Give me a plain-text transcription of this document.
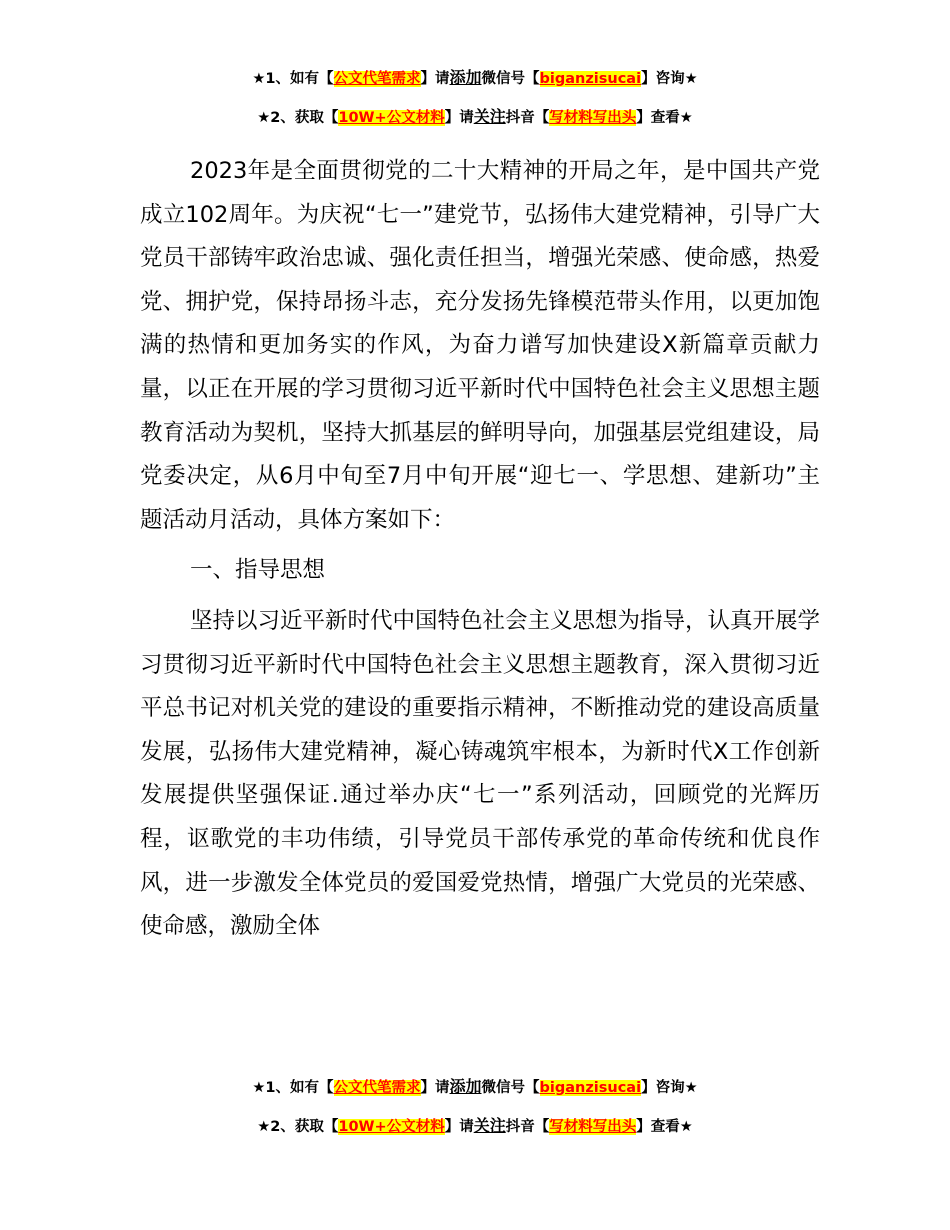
★1、如有【公文代笔需求】请添加微信号【biganzisucai】咨询★
★2、获取【10W+公文材料】请关注抖音【写材料写出头】查看★

2023年是全面贯彻党的二十大精神的开局之年，是中国共产党成立102周年。为庆祝“七一”建党节，弘扬伟大建党精神，引导广大党员干部铸牢政治忠诚、强化责任担当，增强光荣感、使命感，热爱党、拥护党，保持昂扬斗志，充分发扬先锋模范带头作用，以更加饱满的热情和更加务实的作风，为奋力谱写加快建设X新篇章贡献力量，以正在开展的学习贯彻习近平新时代中国特色社会主义思想主题教育活动为契机，坚持大抓基层的鲜明导向，加强基层党组建设，局党委决定，从6月中旬至7月中旬开展“迎七一、学思想、建新功”主题活动月活动，具体方案如下：

一、指导思想

坚持以习近平新时代中国特色社会主义思想为指导，认真开展学习贯彻习近平新时代中国特色社会主义思想主题教育，深入贯彻习近平总书记对机关党的建设的重要指示精神，不断推动党的建设高质量发展，弘扬伟大建党精神，凝心铸魂筑牢根本，为新时代X工作创新发展提供坚强保证.通过举办庆“七一”系列活动，回顾党的光辉历程，讴歌党的丰功伟绩，引导党员干部传承党的革命传统和优良作风，进一步激发全体党员的爱国爱党热情，增强广大党员的光荣感、使命感，激励全体

★1、如有【公文代笔需求】请添加微信号【biganzisucai】咨询★
★2、获取【10W+公文材料】请关注抖音【写材料写出头】查看★
